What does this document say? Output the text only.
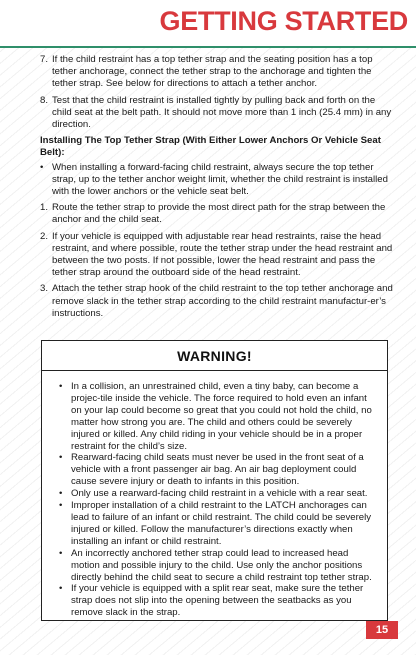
GETTING STARTED
7. If the child restraint has a top tether strap and the seating position has a top tether anchorage, connect the tether strap to the anchorage and tighten the tether strap. See below for directions to attach a tether anchor.
8. Test that the child restraint is installed tightly by pulling back and forth on the child seat at the belt path. It should not move more than 1 inch (25.4 mm) in any direction.
Installing The Top Tether Strap (With Either Lower Anchors Or Vehicle Seat Belt):
• When installing a forward-facing child restraint, always secure the top tether strap, up to the tether anchor weight limit, whether the child restraint is installed with the lower anchors or the vehicle seat belt.
1. Route the tether strap to provide the most direct path for the strap between the anchor and the child seat.
2. If your vehicle is equipped with adjustable rear head restraints, raise the head restraint, and where possible, route the tether strap under the head restraint and between the two posts. If not possible, lower the head restraint and pass the tether strap around the outboard side of the head restraint.
3. Attach the tether strap hook of the child restraint to the top tether anchorage and remove slack in the tether strap according to the child restraint manufactur-er’s instructions.
WARNING!
• In a collision, an unrestrained child, even a tiny baby, can become a projec-tile inside the vehicle. The force required to hold even an infant on your lap could become so great that you could not hold the child, no matter how strong you are. The child and others could be severely injured or killed. Any child riding in your vehicle should be in a proper restraint for the child’s size.
• Rearward-facing child seats must never be used in the front seat of a vehicle with a front passenger air bag. An air bag deployment could cause severe injury or death to infants in this position.
• Only use a rearward-facing child restraint in a vehicle with a rear seat.
• Improper installation of a child restraint to the LATCH anchorages can lead to failure of an infant or child restraint. The child could be severely injured or killed. Follow the manufacturer’s directions exactly when installing an infant or child restraint.
• An incorrectly anchored tether strap could lead to increased head motion and possible injury to the child. Use only the anchor positions directly behind the child seat to secure a child restraint top tether strap.
• If your vehicle is equipped with a split rear seat, make sure the tether strap does not slip into the opening between the seatbacks as you remove slack in the strap.
15
